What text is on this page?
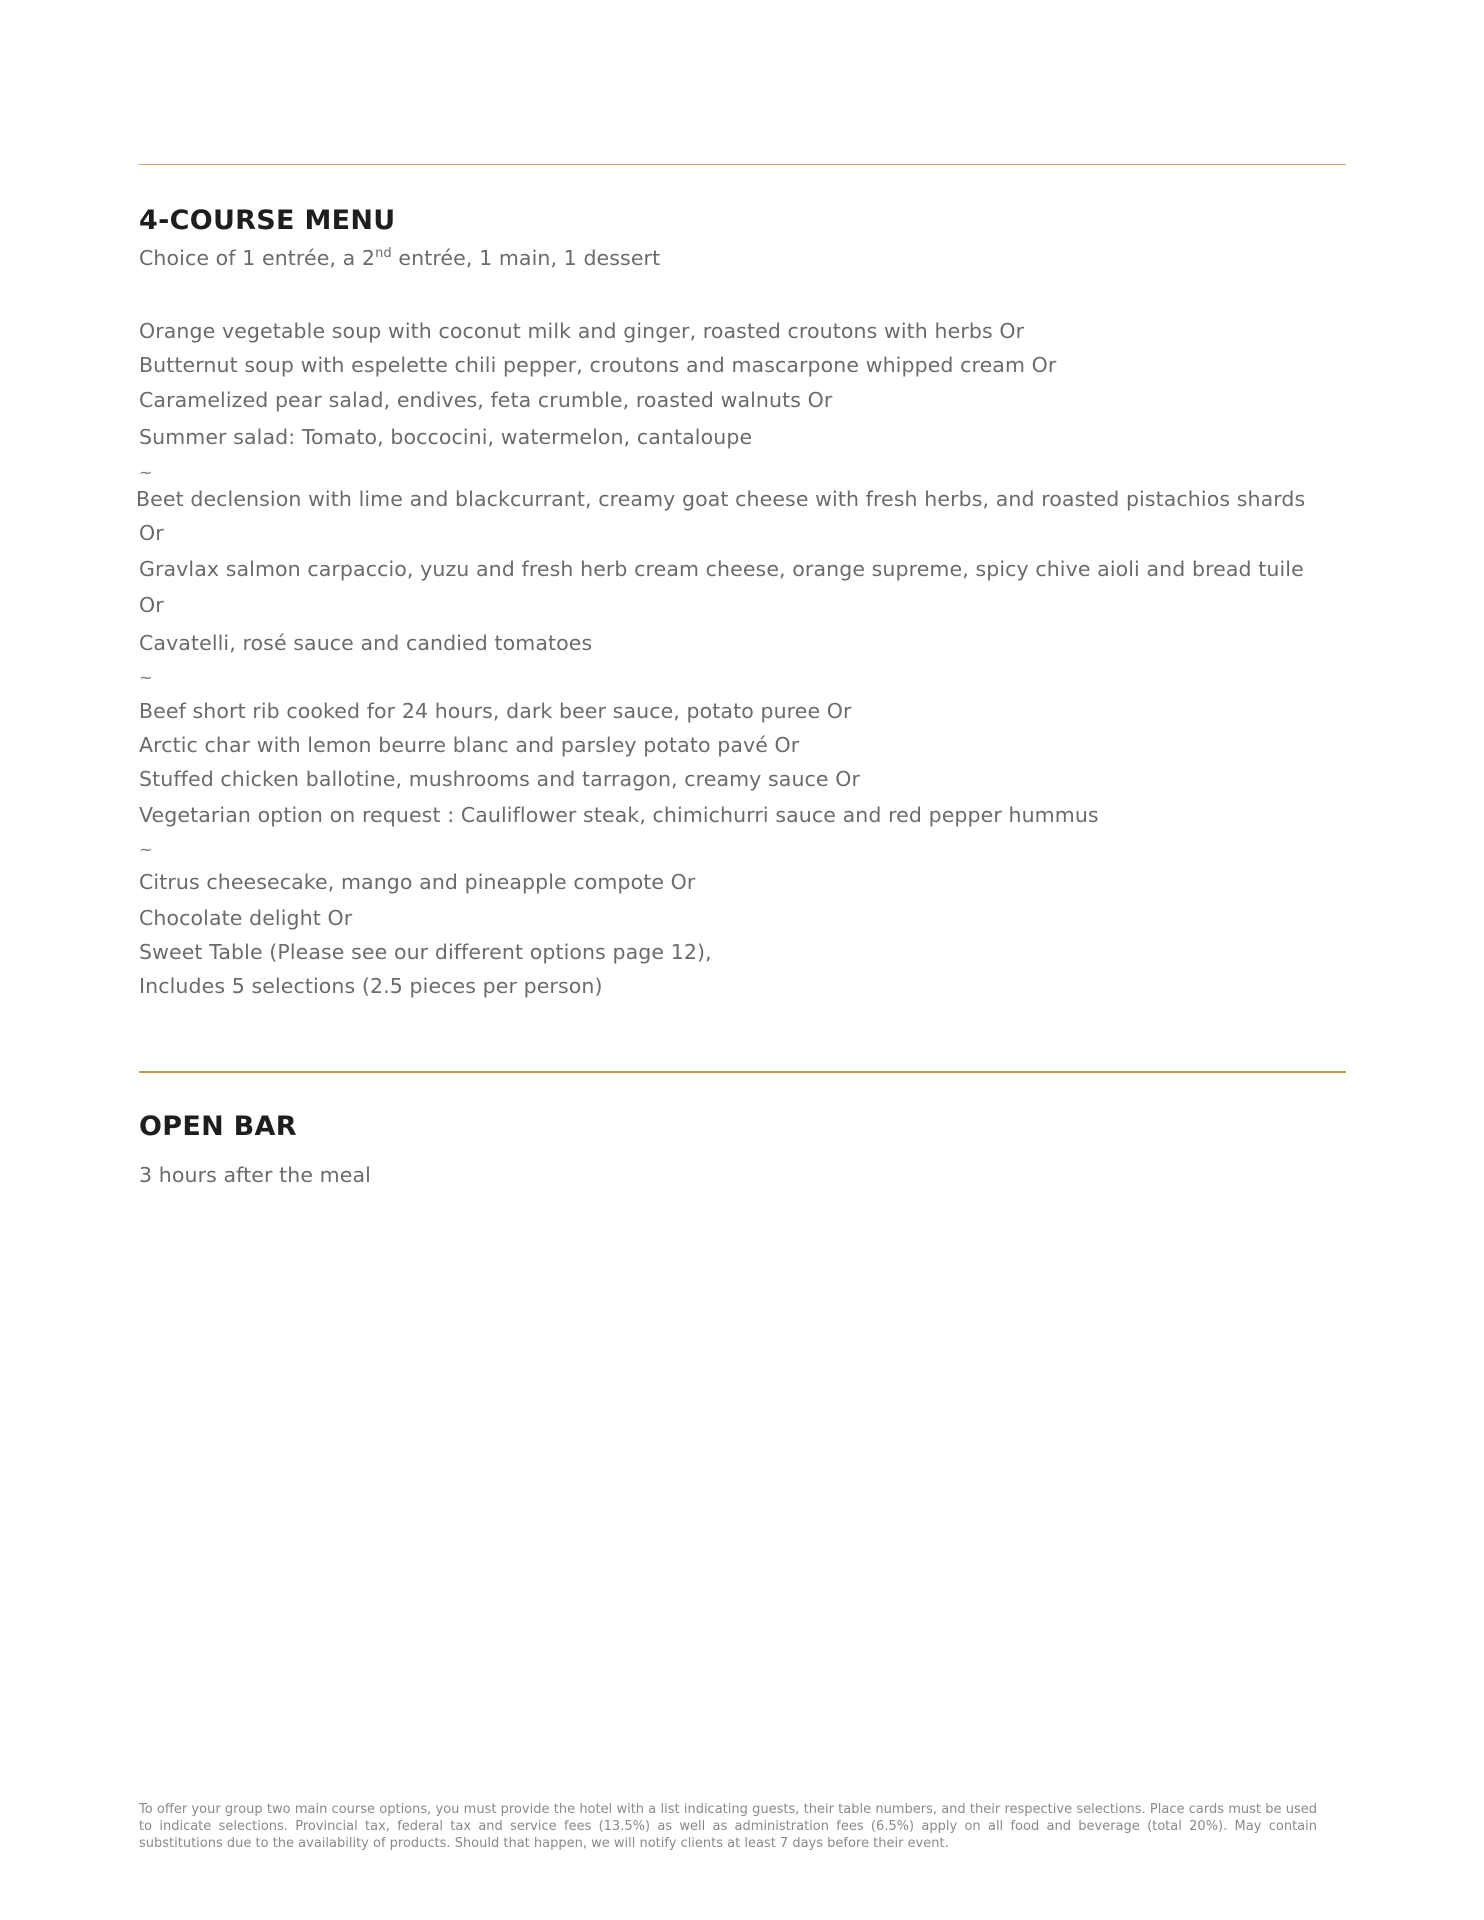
4-COURSE MENU

Choice of 1 entrée, a 2nd entrée, 1 main, 1 dessert

Orange vegetable soup with coconut milk and ginger, roasted croutons with herbs Or

Butternut soup with espelette chili pepper, croutons and mascarpone whipped cream Or

Caramelized pear salad, endives, feta crumble, roasted walnuts Or

Summer salad: Tomato, boccocini, watermelon, cantaloupe

~

Beet declension with lime and blackcurrant, creamy goat cheese with fresh herbs, and roasted pistachios shards

Or

Gravlax salmon carpaccio, yuzu and fresh herb cream cheese, orange supreme, spicy chive aioli and bread tuile

Or

Cavatelli, rosé sauce and candied tomatoes

~

Beef short rib cooked for 24 hours, dark beer sauce, potato puree Or

Arctic char with lemon beurre blanc and parsley potato pavé Or

Stuffed chicken ballotine, mushrooms and tarragon, creamy sauce Or

Vegetarian option on request : Cauliflower steak, chimichurri sauce and red pepper hummus

~

Citrus cheesecake, mango and pineapple compote Or

Chocolate delight Or

Sweet Table (Please see our different options page 12),

Includes 5 selections (2.5 pieces per person)

OPEN BAR

3 hours after the meal

To offer your group two main course options, you must provide the hotel with a list indicating guests, their table numbers, and their respective selections. Place cards must be used to indicate selections. Provincial tax, federal tax and service fees (13.5%) as well as administration fees (6.5%) apply on all food and beverage (total 20%). May contain substitutions due to the availability of products. Should that happen, we will notify clients at least 7 days before their event.
